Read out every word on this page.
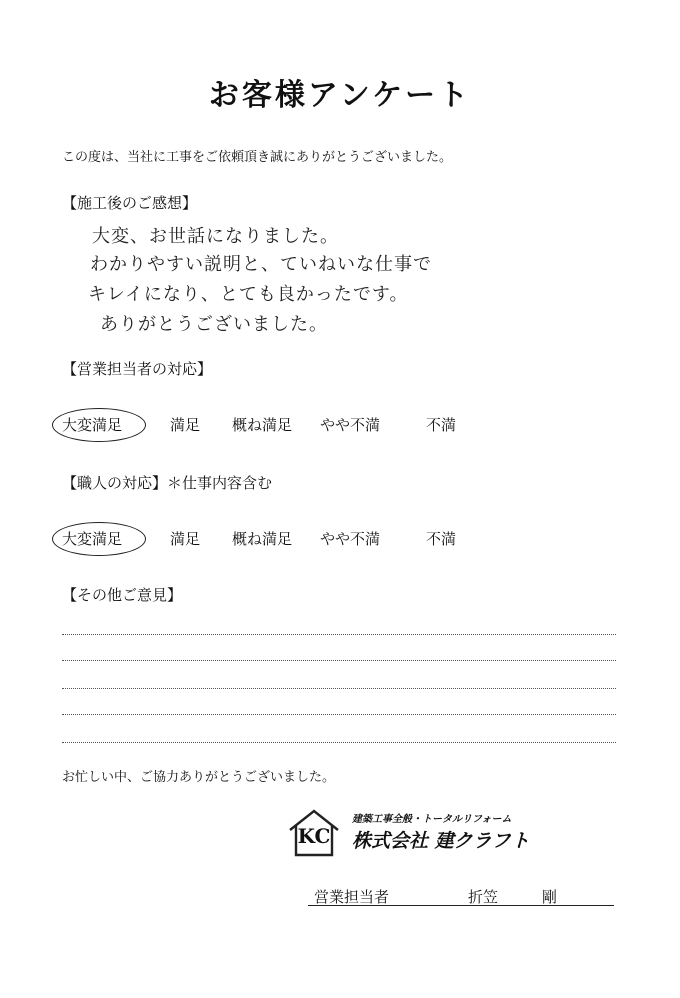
お客様アンケート
この度は、当社に工事をご依頼頂き誠にありがとうございました。
【施工後のご感想】
大変、お世話になりました。
わかりやすい説明と、ていねいな仕事で
キレイになり、とても良かったです。
ありがとうございました。
【営業担当者の対応】
大変満足	満足 概ね満足 やや不満	不満
【職人の対応】＊仕事内容含む
大変満足	満足 概ね満足 やや不満	不満
【その他ご意見】
お忙しい中、ご協力ありがとうございました。
KC
建築工事全般・トータルリフォーム
株式会社 建クラフト
営業担当者	折笠	剛
